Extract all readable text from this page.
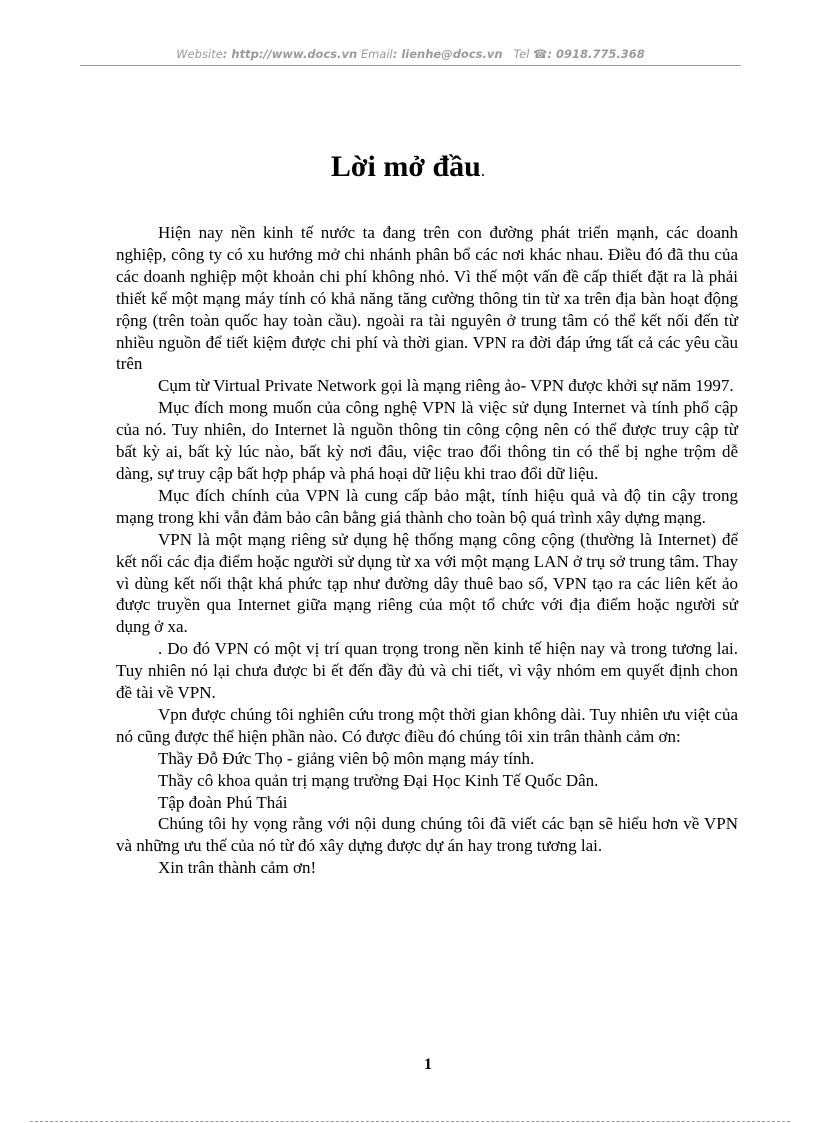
Website: http://www.docs.vn Email: lienhe@docs.vn Tel ☎: 0918.775.368
Lời mở đầu.

Hiện nay nền kinh tế nước ta đang trên con đường phát triển mạnh, các doanh nghiệp, công ty có xu hướng mở chi nhánh phân bổ các nơi khác nhau. Điều đó đã thu của các doanh nghiệp một khoản chi phí không nhỏ. Vì thế một vấn đề cấp thiết đặt ra là phải thiết kế một mạng máy tính có khả năng tăng cường thông tin từ xa trên địa bàn hoạt động rộng (trên toàn quốc hay toàn cầu). ngoài ra tài nguyên ở trung tâm có thể kết nối đến từ nhiều nguồn để tiết kiệm được chi phí và thời gian. VPN ra đời đáp ứng tất cả các yêu cầu trên

Cụm từ Virtual Private Network gọi là mạng riêng ảo- VPN được khởi sự năm 1997.

Mục đích mong muốn của công nghệ VPN là việc sử dụng Internet và tính phổ cập của nó. Tuy nhiên, do Internet là nguồn thông tin công cộng nên có thể được truy cập từ bất kỳ ai, bất kỳ lúc nào, bất kỳ nơi đâu, việc trao đổi thông tin có thể bị nghe trộm dễ dàng, sự truy cập bất hợp pháp và phá hoại dữ liệu khi trao đổi dữ liệu.

Mục đích chính của VPN là cung cấp bảo mật, tính hiệu quả và độ tin cậy trong mạng trong khi vẫn đảm bảo cân bằng giá thành cho toàn bộ quá trình xây dựng mạng.

VPN là một mạng riêng sử dụng hệ thống mạng công cộng (thường là Internet) để kết nối các địa điểm hoặc người sử dụng từ xa với một mạng LAN ở trụ sở trung tâm. Thay vì dùng kết nối thật khá phức tạp như đường dây thuê bao số, VPN tạo ra các liên kết ảo được truyền qua Internet giữa mạng riêng của một tổ chức với địa điểm hoặc người sử dụng ở xa.

. Do đó VPN có một vị trí quan trọng trong nền kinh tế hiện nay và trong tương lai. Tuy nhiên nó lại chưa được bi ết đến đầy đủ và chi tiết, vì vậy nhóm em quyết định chon đề tài về VPN.

Vpn được chúng tôi nghiên cứu trong một thời gian không dài. Tuy nhiên ưu việt của nó cũng được thể hiện phần nào. Có được điều đó chúng tôi xin trân thành cảm ơn:

Thầy Đỗ Đức Thọ - giảng viên bộ môn mạng máy tính.

Thầy cô khoa quản trị mạng trường Đại Học Kinh Tế Quốc Dân.

Tập đoàn Phú Thái

Chúng tôi hy vọng rằng với nội dung chúng tôi đã viết các bạn sẽ hiểu hơn về VPN và những ưu thế của nó từ đó xây dựng được dự án hay trong tương lai.

Xin trân thành cảm ơn!

1
